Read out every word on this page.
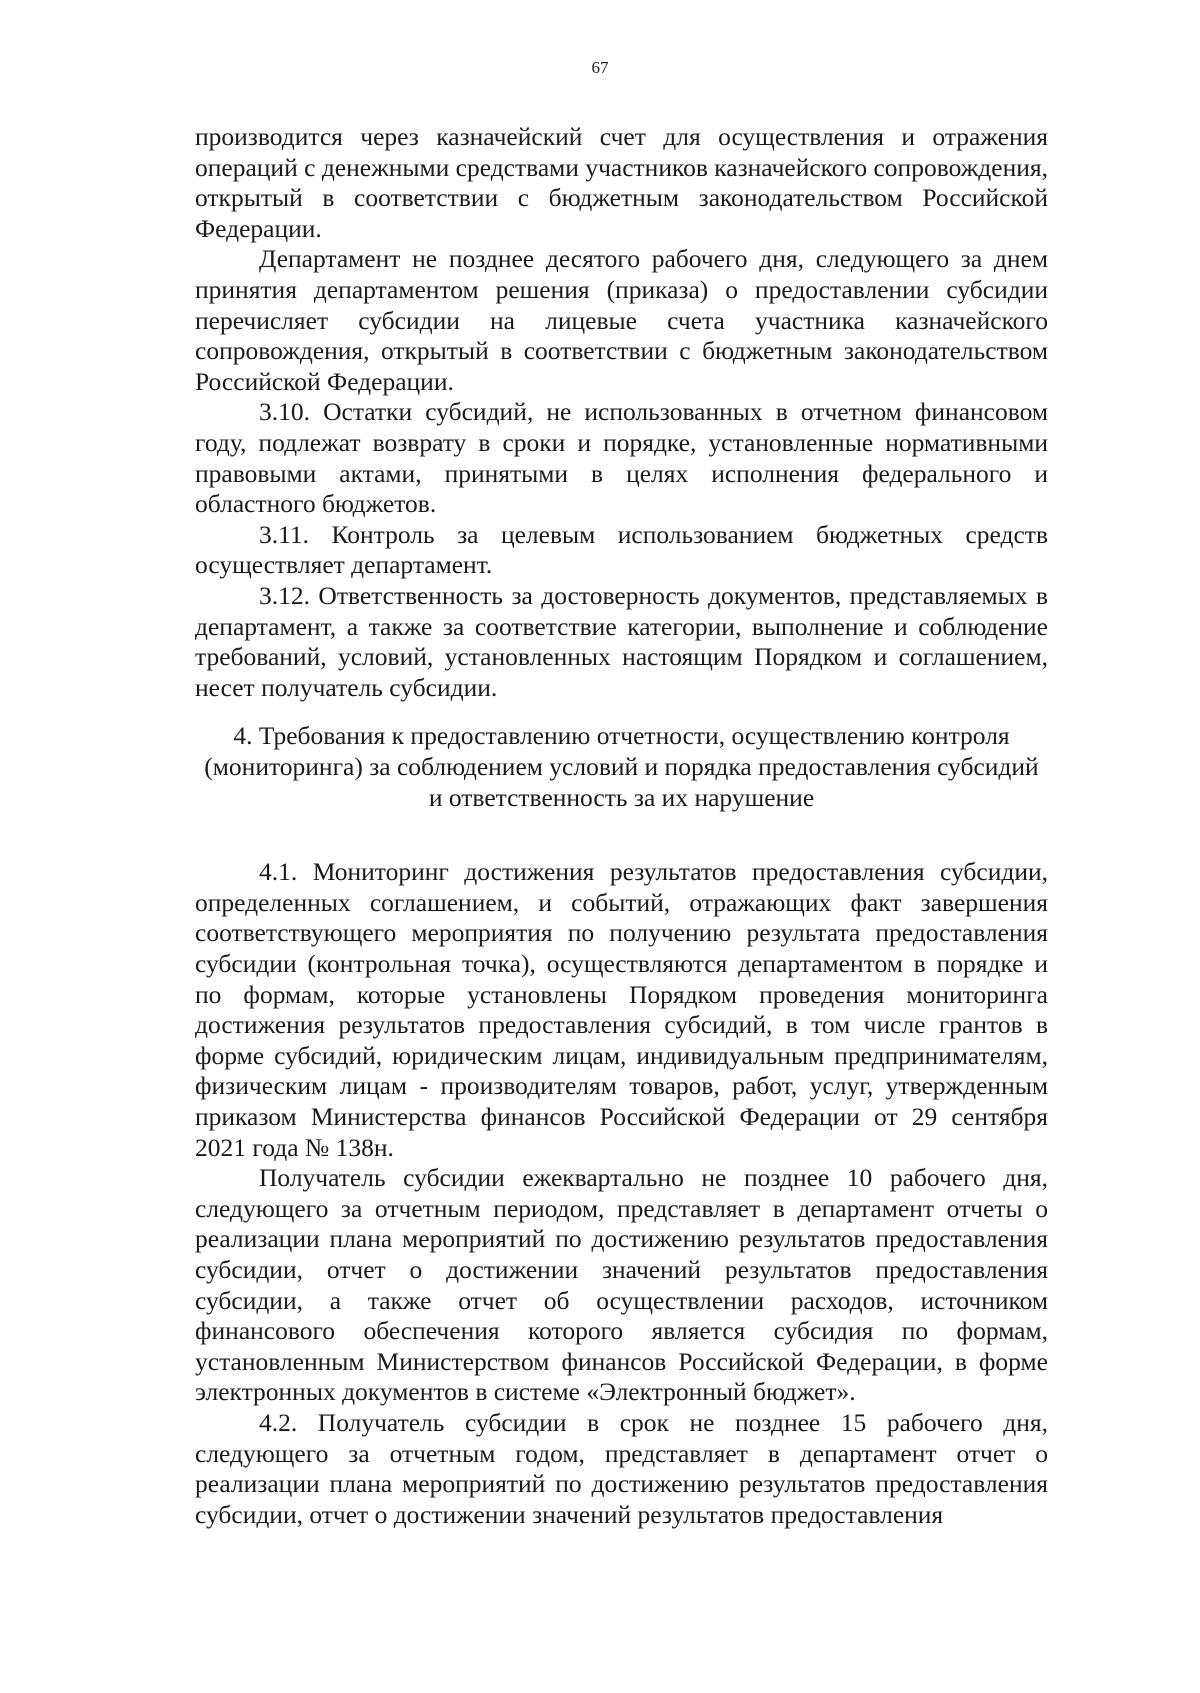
67

производится через казначейский счет для осуществления и отражения операций с денежными средствами участников казначейского сопровождения, открытый в соответствии с бюджетным законодательством Российской Федерации.

Департамент не позднее десятого рабочего дня, следующего за днем принятия департаментом решения (приказа) о предоставлении субсидии перечисляет субсидии на лицевые счета участника казначейского сопровождения, открытый в соответствии с бюджетным законодательством Российской Федерации.

3.10. Остатки субсидий, не использованных в отчетном финансовом году, подлежат возврату в сроки и порядке, установленные нормативными правовыми актами, принятыми в целях исполнения федерального и областного бюджетов.

3.11. Контроль за целевым использованием бюджетных средств осуществляет департамент.

3.12. Ответственность за достоверность документов, представляемых в департамент, а также за соответствие категории, выполнение и соблюдение требований, условий, установленных настоящим Порядком и соглашением, несет получатель субсидии.

4. Требования к предоставлению отчетности, осуществлению контроля
(мониторинга) за соблюдением условий и порядка предоставления субсидий
и ответственность за их нарушение

4.1. Мониторинг достижения результатов предоставления субсидии, определенных соглашением, и событий, отражающих факт завершения соответствующего мероприятия по получению результата предоставления субсидии (контрольная точка), осуществляются департаментом в порядке и по формам, которые установлены Порядком проведения мониторинга достижения результатов предоставления субсидий, в том числе грантов в форме субсидий, юридическим лицам, индивидуальным предпринимателям, физическим лицам - производителям товаров, работ, услуг, утвержденным приказом Министерства финансов Российской Федерации от 29 сентября 2021 года № 138н.

Получатель субсидии ежеквартально не позднее 10 рабочего дня, следующего за отчетным периодом, представляет в департамент отчеты о реализации плана мероприятий по достижению результатов предоставления субсидии, отчет о достижении значений результатов предоставления субсидии, а также отчет об осуществлении расходов, источником финансового обеспечения которого является субсидия по формам, установленным Министерством финансов Российской Федерации, в форме электронных документов в системе «Электронный бюджет».

4.2. Получатель субсидии в срок не позднее 15 рабочего дня, следующего за отчетным годом, представляет в департамент отчет о реализации плана мероприятий по достижению результатов предоставления субсидии, отчет о достижении значений результатов предоставления
